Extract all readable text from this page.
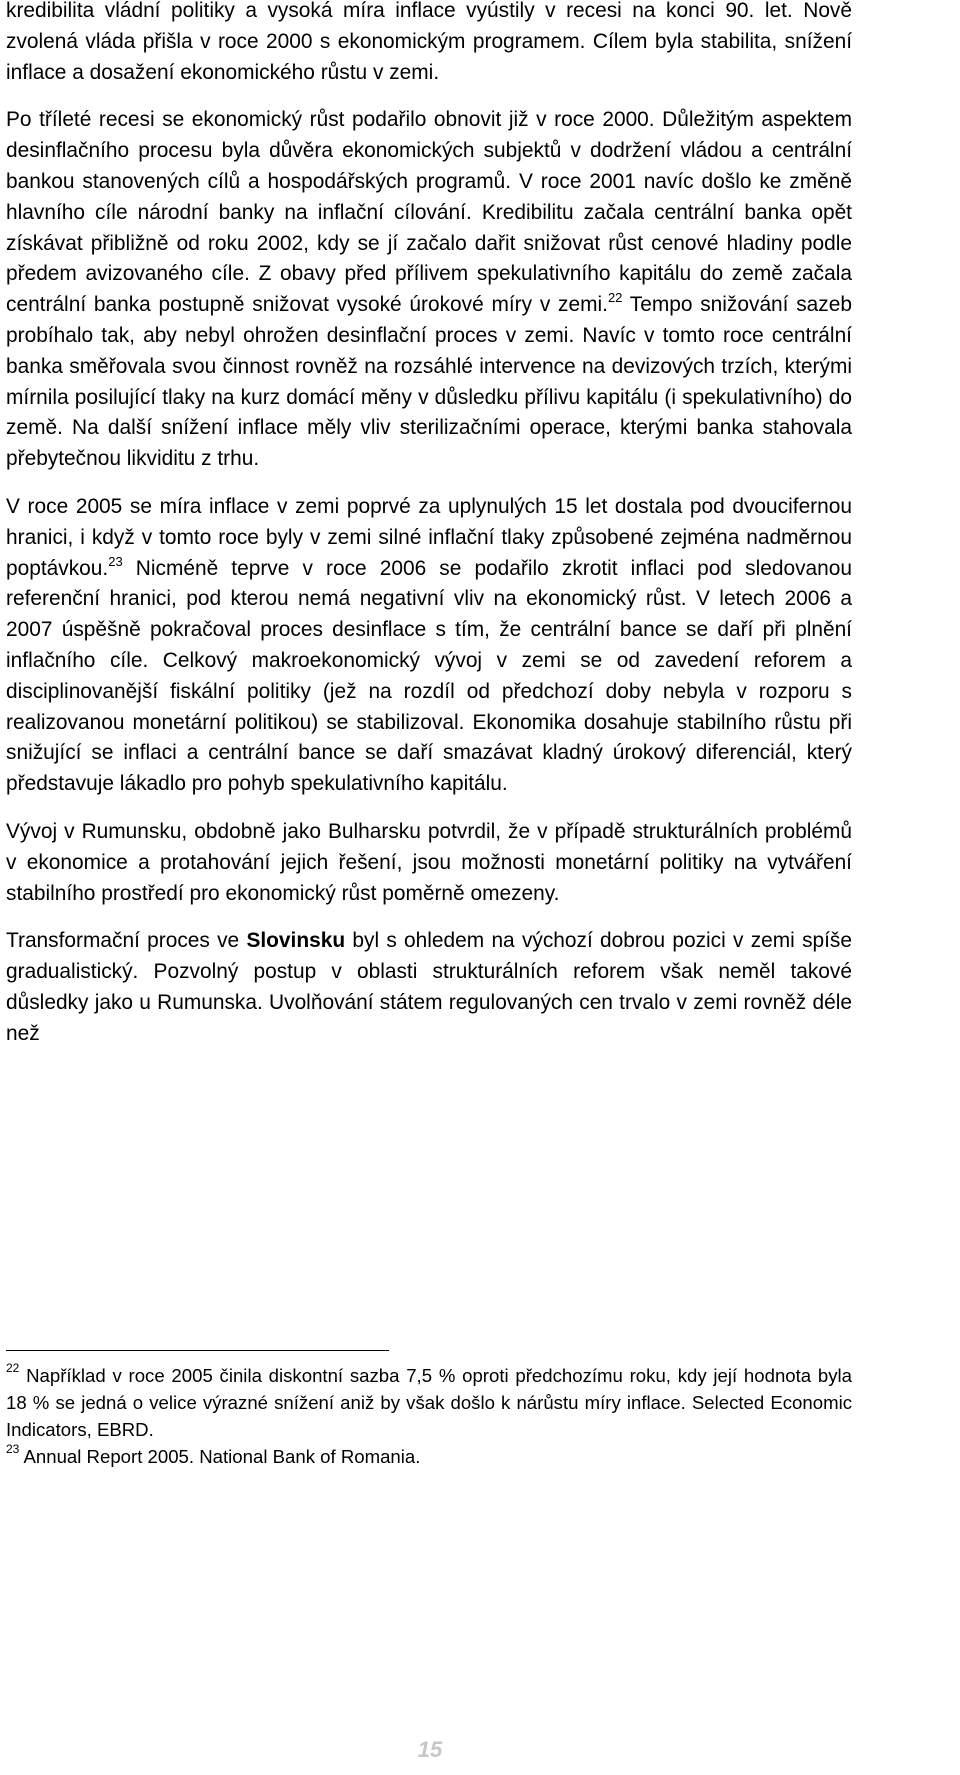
kredibilita vládní politiky a vysoká míra inflace vyústily v recesi na konci 90. let. Nově zvolená vláda přišla v roce 2000 s ekonomickým programem. Cílem byla stabilita, snížení inflace a dosažení ekonomického růstu v zemi.

Po tříleté recesi se ekonomický růst podařilo obnovit již v roce 2000. Důležitým aspektem desinflačního procesu byla důvěra ekonomických subjektů v dodržení vládou a centrální bankou stanovených cílů a hospodářských programů. V roce 2001 navíc došlo ke změně hlavního cíle národní banky na inflační cílování. Kredibilitu začala centrální banka opět získávat přibližně od roku 2002, kdy se jí začalo dařit snižovat růst cenové hladiny podle předem avizovaného cíle. Z obavy před přílivem spekulativního kapitálu do země začala centrální banka postupně snižovat vysoké úrokové míry v zemi.$^{22}$ Tempo snižování sazeb probíhalo tak, aby nebyl ohrožen desinflační proces v zemi. Navíc v tomto roce centrální banka směřovala svou činnost rovněž na rozsáhlé intervence na devizových trzích, kterými mírnila posilující tlaky na kurz domácí měny v důsledku přílivu kapitálu (i spekulativního) do země. Na další snížení inflace měly vliv sterilizačními operace, kterými banka stahovala přebytečnou likviditu z trhu.

V roce 2005 se míra inflace v zemi poprvé za uplynulých 15 let dostala pod dvoucifernou hranici, i když v tomto roce byly v zemi silné inflační tlaky způsobené zejména nadměrnou poptávkou.$^{23}$ Nicméně teprve v roce 2006 se podařilo zkrotit inflaci pod sledovanou referenční hranici, pod kterou nemá negativní vliv na ekonomický růst. V letech 2006 a 2007 úspěšně pokračoval proces desinflace s tím, že centrální bance se daří při plnění inflačního cíle. Celkový makroekonomický vývoj v zemi se od zavedení reforem a disciplinovanější fiskální politiky (jež na rozdíl od předchozí doby nebyla v rozporu s realizovanou monetární politikou) se stabilizoval. Ekonomika dosahuje stabilního růstu při snižující se inflaci a centrální bance se daří smazávat kladný úrokový diferenciál, který představuje lákadlo pro pohyb spekulativního kapitálu.

Vývoj v Rumunsku, obdobně jako Bulharsku potvrdil, že v případě strukturálních problémů v ekonomice a protahování jejich řešení, jsou možnosti monetární politiky na vytváření stabilního prostředí pro ekonomický růst poměrně omezeny.

Transformační proces ve Slovinsku byl s ohledem na výchozí dobrou pozici v zemi spíše gradualistický. Pozvolný postup v oblasti strukturálních reforem však neměl takové důsledky jako u Rumunska. Uvolňování státem regulovaných cen trvalo v zemi rovněž déle než

$^{22}$ Například v roce 2005 činila diskontní sazba 7,5 % oproti předchozímu roku, kdy její hodnota byla 18 % se jedná o velice výrazné snížení aniž by však došlo k nárůstu míry inflace. Selected Economic Indicators, EBRD.

$^{23}$ Annual Report 2005. National Bank of Romania.

15
